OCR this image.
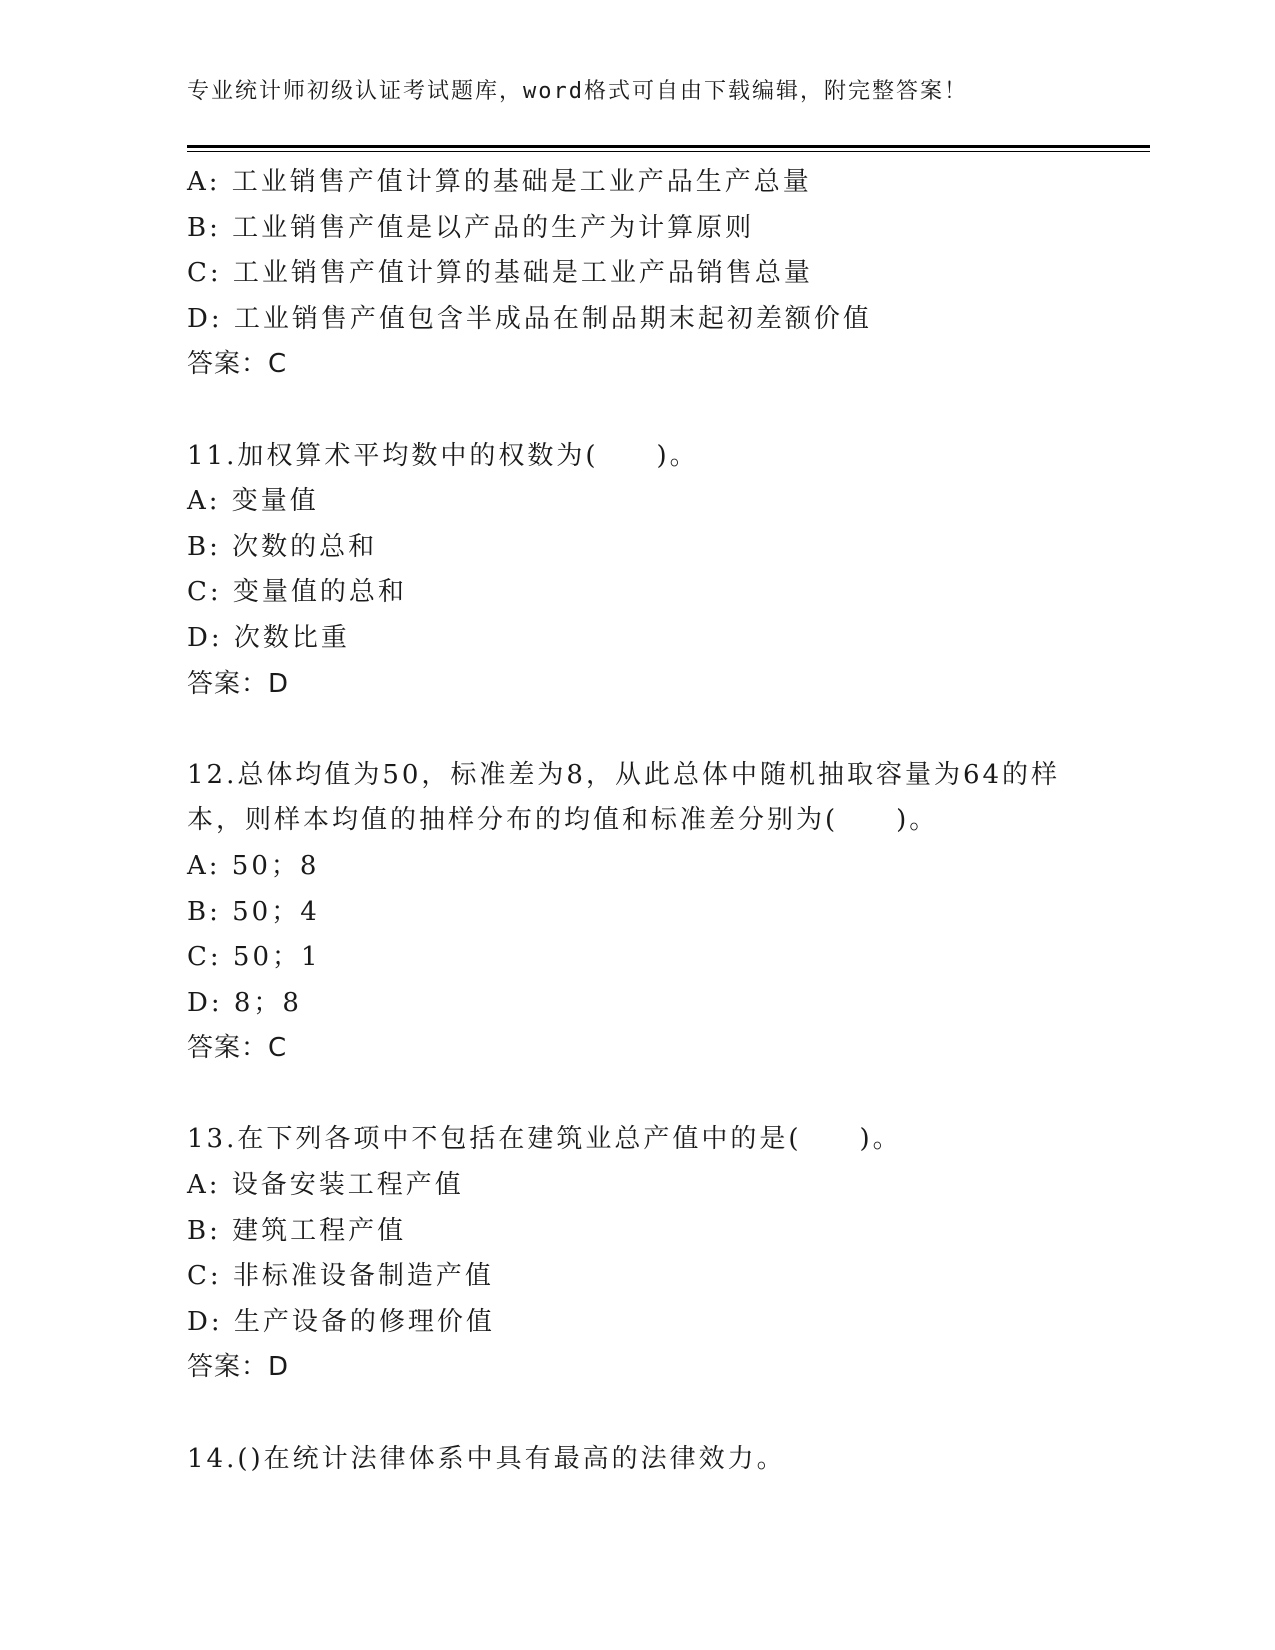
专业统计师初级认证考试题库，word格式可自由下载编辑，附完整答案！
A: 工业销售产值计算的基础是工业产品生产总量
B: 工业销售产值是以产品的生产为计算原则
C: 工业销售产值计算的基础是工业产品销售总量
D: 工业销售产值包含半成品在制品期末起初差额价值
答案：C
11.加权算术平均数中的权数为(　　)。
A: 变量值
B: 次数的总和
C: 变量值的总和
D: 次数比重
答案：D
12.总体均值为50，标准差为8，从此总体中随机抽取容量为64的样
本，则样本均值的抽样分布的均值和标准差分别为(　　)。
A: 50；8
B: 50；4
C: 50；1
D: 8；8
答案：C
13.在下列各项中不包括在建筑业总产值中的是(　　)。
A: 设备安装工程产值
B: 建筑工程产值
C: 非标准设备制造产值
D: 生产设备的修理价值
答案：D
14.()在统计法律体系中具有最高的法律效力。
